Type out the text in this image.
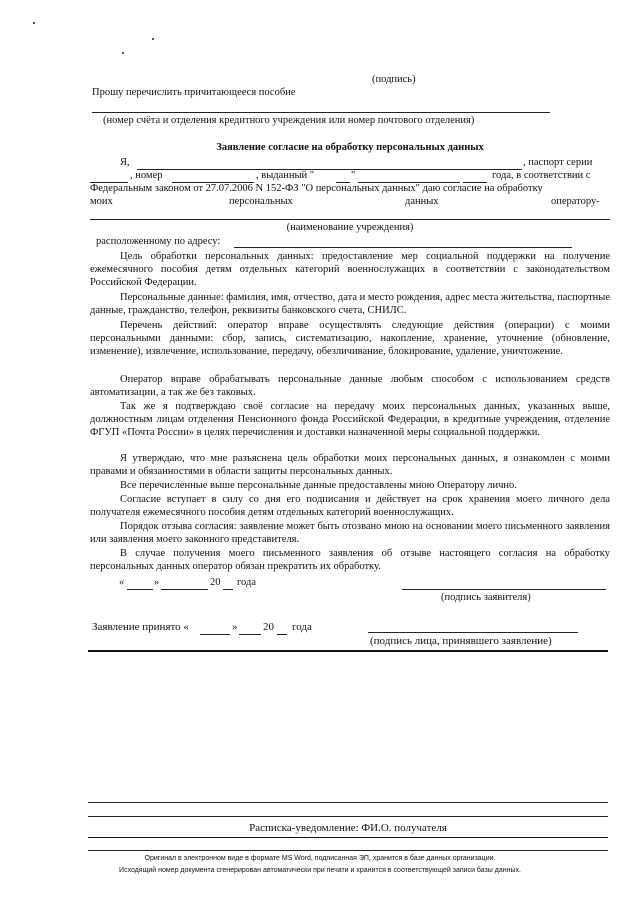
(подпись)
Прошу перечислить причитающееся пособие
(номер счёта и отделения кредитного учреждения или номер почтового отделения)
Заявление согласие на обработку персональных данных
Я,	, паспорт серии
, номер	, выданный "	"	года, в соответствии с
Федеральным законом от 27.07.2006 N 152-ФЗ "О персональных данных" даю согласие на обработку
моих	персональных	данных	оператору-
(наименование учреждения)
расположенному по адресу:

Цель обработки персональных данных: предоставление мер социальной поддержки на получение ежемесячного пособия детям отдельных категорий военнослужащих в соответствии с законодательством Российской Федерации.

Персональные данные: фамилия, имя, отчество, дата и место рождения, адрес места жительства, паспортные данные, гражданство, телефон, реквизиты банковского счета, СНИЛС.

Перечень действий: оператор вправе осуществлять следующие действия (операции) с моими персональными данными: сбор, запись, систематизацию, накопление, хранение, уточнение (обновление, изменение), извлечение, использование, передачу, обезличивание, блокирование, удаление, уничтожение.

Оператор вправе обрабатывать персональные данные любым способом с использованием средств автоматизации, а так же без таковых.

Так же я подтверждаю своё согласие на передачу моих персональных данных, указанных выше, должностным лицам отделения Пенсионного фонда Российской Федерации, в кредитные учреждения, отделение ФГУП «Почта России» в целях перечисления и доставки назначенной меры социальной поддержки.

Я утверждаю, что мне разъяснена цель обработки моих персональных данных, я ознакомлен с моими правами и обязанностями в области защиты персональных данных.

Все перечисленные выше персональные данные предоставлены мною Оператору лично.

Согласие вступает в силу со дня его подписания и действует на срок хранения моего личного дела получателя ежемесячного пособия детям отдельных категорий военнослужащих.

Порядок отзыва согласия: заявление может быть отозвано мною на основании моего письменного заявления или заявления моего законного представителя.

В случае получения моего письменного заявления об отзыве настоящего согласия на обработку персональных данных оператор обязан прекратить их обработку.

«	»	20 года
(подпись заявителя)
Заявление принято «	» 20 года
(подпись лица, принявшего заявление)
Расписка-уведомление: ФИ.О. получателя
Оригинал в электронном виде в формате MS Word, подписанная ЭП, хранится в базе данных организации.
Исходящий номер документа сгенерирован автоматически при печати и хранится в соответствующей записи базы данных.
